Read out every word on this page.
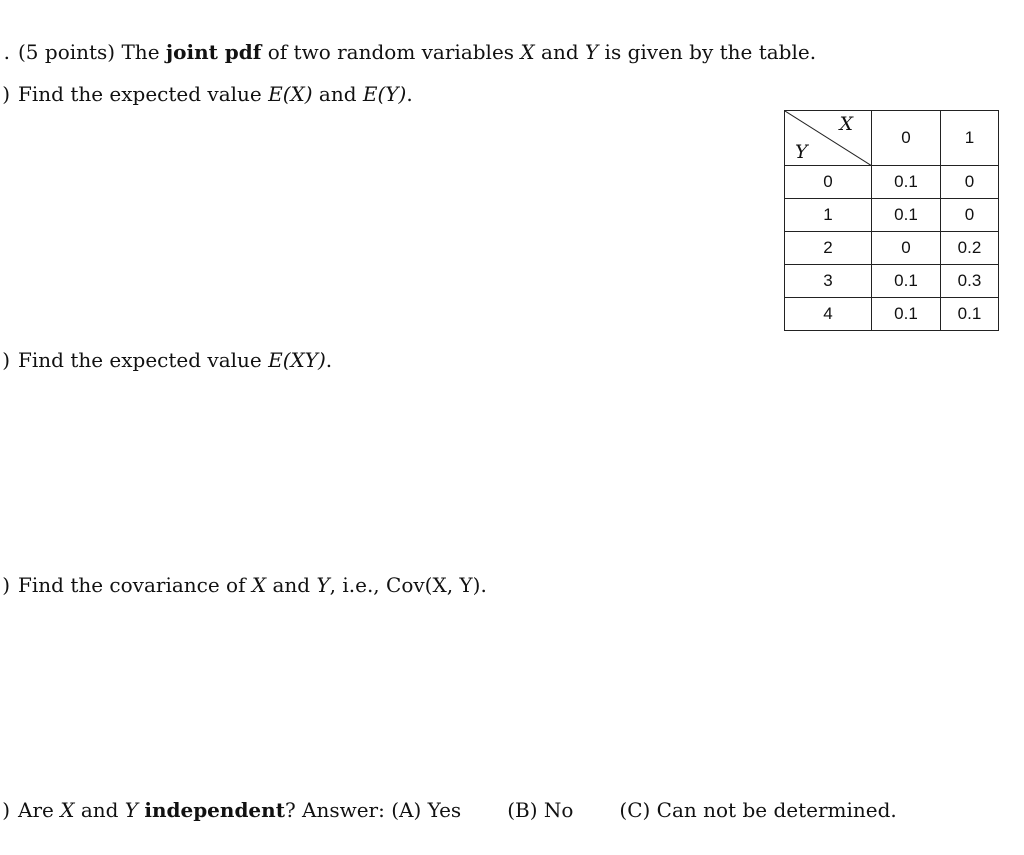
. (5 points) The joint pdf of two random variables X and Y is given by the table.
) Find the expected value E(X) and E(Y).
) Find the expected value E(XY).
) Find the covariance of X and Y, i.e., Cov(X, Y).
) Are X and Y independent? Answer: (A) Yes (B) No (C) Can not be determined.
X
Y	0	1
0	0.1	0
1	0.1	0
2	0	0.2
3	0.1	0.3
4	0.1	0.1
